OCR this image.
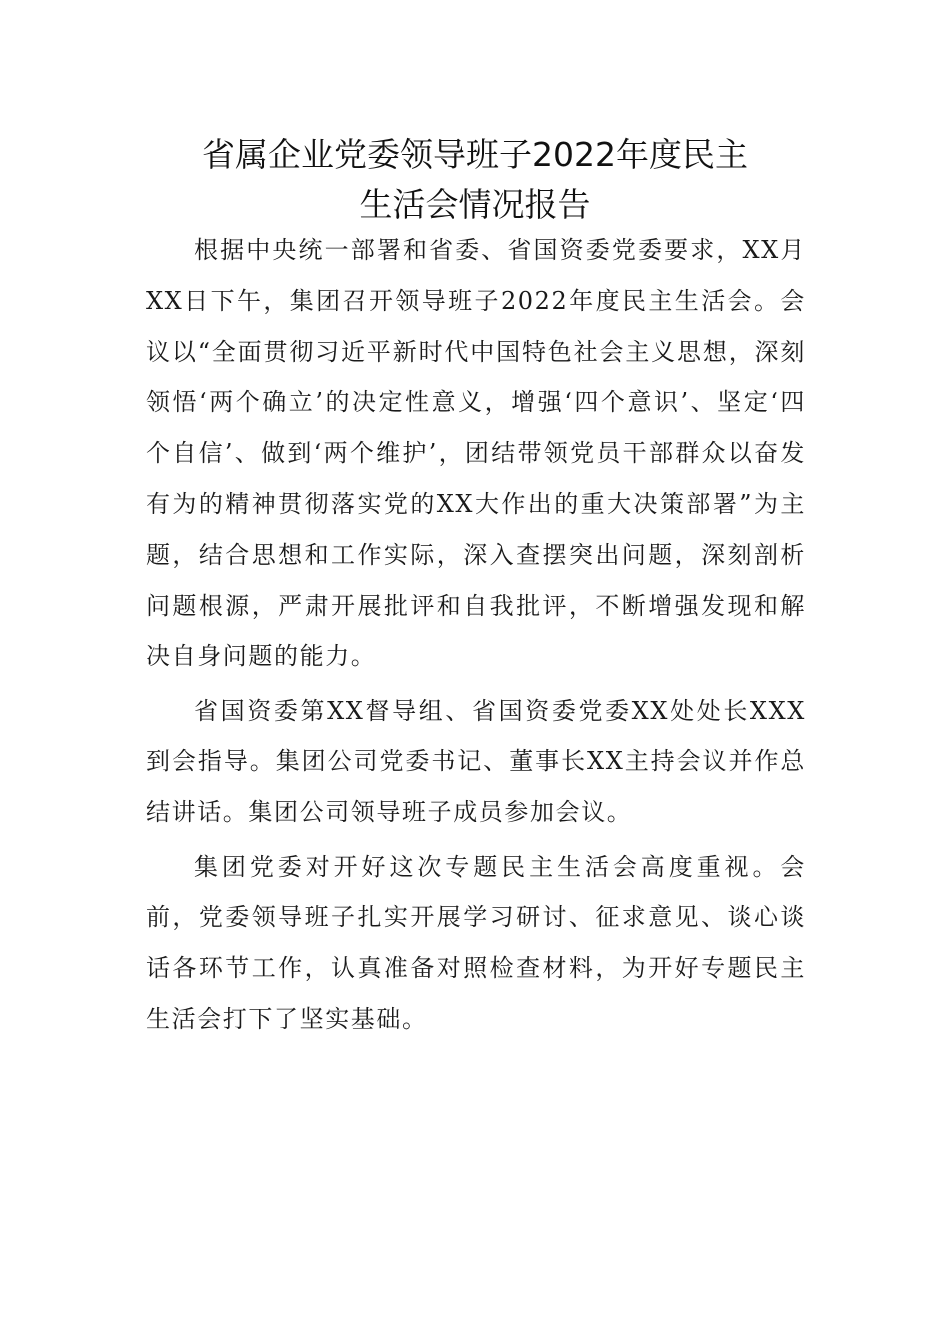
省属企业党委领导班子2022年度民主
生活会情况报告

根据中央统一部署和省委、省国资委党委要求，XX月XX日下午，集团召开领导班子2022年度民主生活会。会议以“全面贯彻习近平新时代中国特色社会主义思想，深刻领悟‘两个确立’的决定性意义，增强‘四个意识’、坚定‘四个自信’、做到‘两个维护’，团结带领党员干部群众以奋发有为的精神贯彻落实党的XX大作出的重大决策部署”为主题，结合思想和工作实际，深入查摆突出问题，深刻剖析问题根源，严肃开展批评和自我批评，不断增强发现和解决自身问题的能力。

省国资委第XX督导组、省国资委党委XX处处长XXX到会指导。集团公司党委书记、董事长XX主持会议并作总结讲话。集团公司领导班子成员参加会议。

集团党委对开好这次专题民主生活会高度重视。会前，党委领导班子扎实开展学习研讨、征求意见、谈心谈话各环节工作，认真准备对照检查材料，为开好专题民主生活会打下了坚实基础。
